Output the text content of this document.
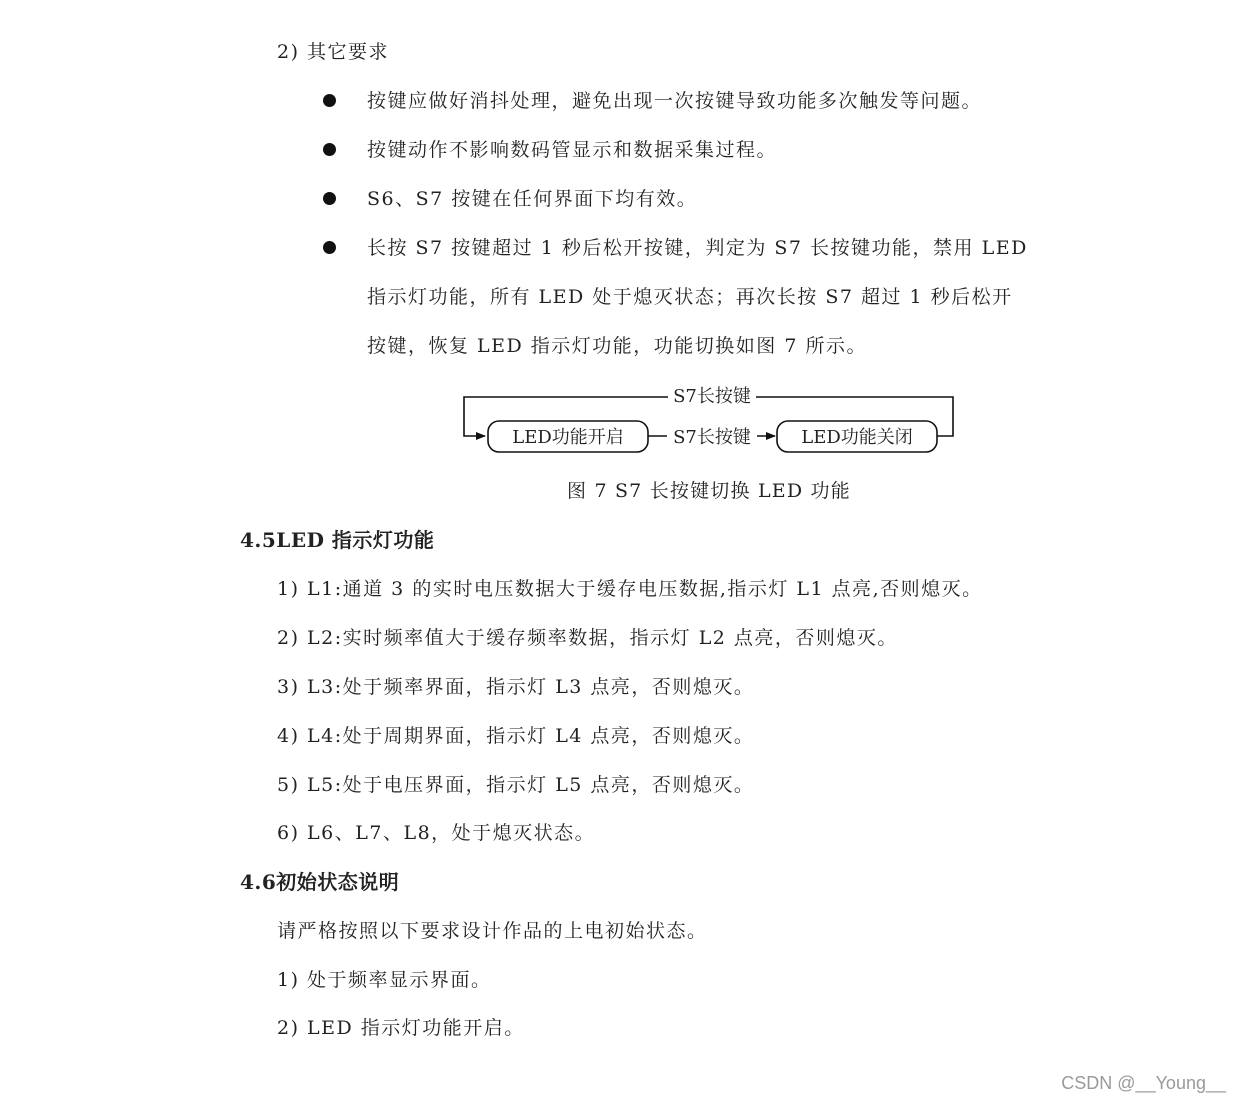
2) 其它要求
按键应做好消抖处理，避免出现一次按键导致功能多次触发等问题。
按键动作不影响数码管显示和数据采集过程。
S6、S7 按键在任何界面下均有效。
长按 S7 按键超过 1 秒后松开按键，判定为 S7 长按键功能，禁用 LED
指示灯功能，所有 LED 处于熄灭状态；再次长按 S7 超过 1 秒后松开
按键，恢复 LED 指示灯功能，功能切换如图 7 所示。
S7长按键
LED功能开启	S7长按键	LED功能关闭
图 7 S7 长按键切换 LED 功能
4.5LED 指示灯功能
1) L1:通道 3 的实时电压数据大于缓存电压数据,指示灯 L1 点亮,否则熄灭。
2) L2:实时频率值大于缓存频率数据，指示灯 L2 点亮，否则熄灭。
3) L3:处于频率界面，指示灯 L3 点亮，否则熄灭。
4) L4:处于周期界面，指示灯 L4 点亮，否则熄灭。
5) L5:处于电压界面，指示灯 L5 点亮，否则熄灭。
6) L6、L7、L8，处于熄灭状态。
4.6初始状态说明
请严格按照以下要求设计作品的上电初始状态。
1) 处于频率显示界面。
2) LED 指示灯功能开启。
CSDN @__Young__
